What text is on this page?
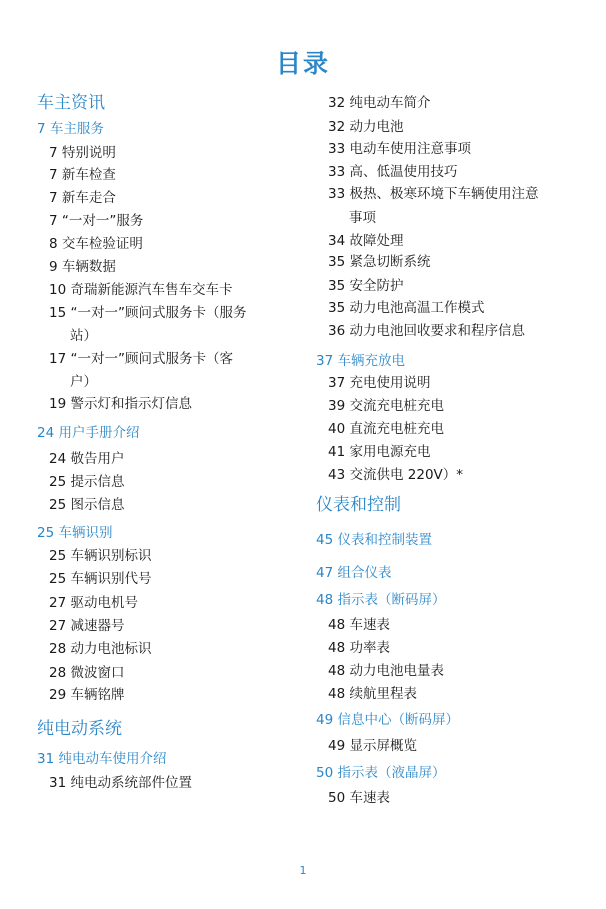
目录
车主资讯
7 车主服务
7 特别说明
7 新车检查
7 新车走合
7 “一对一”服务
8 交车检验证明
9 车辆数据
10 奇瑞新能源汽车售车交车卡
15 “一对一”顾问式服务卡（服务
站）
17 “一对一”顾问式服务卡（客
户）
19 警示灯和指示灯信息
24 用户手册介绍
24 敬告用户
25 提示信息
25 图示信息
25 车辆识别
25 车辆识别标识
25 车辆识别代号
27 驱动电机号
27 减速器号
28 动力电池标识
28 微波窗口
29 车辆铭牌
纯电动系统
31 纯电动车使用介绍
31 纯电动系统部件位置
32 纯电动车简介
32 动力电池
33 电动车使用注意事项
33 高、低温使用技巧
33 极热、极寒环境下车辆使用注意
事项
34 故障处理
35 紧急切断系统
35 安全防护
35 动力电池高温工作模式
36 动力电池回收要求和程序信息
37 车辆充放电
37 充电使用说明
39 交流充电桩充电
40 直流充电桩充电
41 家用电源充电
43 交流供电 220V）*
仪表和控制
45 仪表和控制装置
47 组合仪表
48 指示表（断码屏）
48 车速表
48 功率表
48 动力电池电量表
48 续航里程表
49 信息中心（断码屏）
49 显示屏概览
50 指示表（液晶屏）
50 车速表
1
